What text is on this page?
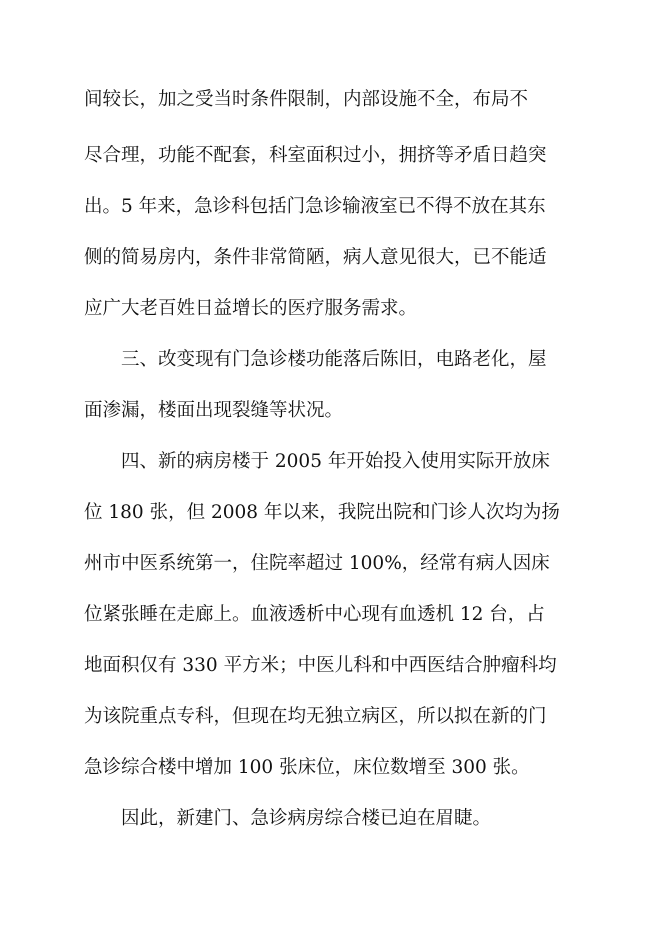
间较长，加之受当时条件限制，内部设施不全，布局不
尽合理，功能不配套，科室面积过小，拥挤等矛盾日趋突
出。5 年来，急诊科包括门急诊输液室已不得不放在其东
侧的简易房内，条件非常简陋，病人意见很大，已不能适
应广大老百姓日益增长的医疗服务需求。
三、改变现有门急诊楼功能落后陈旧，电路老化，屋
面渗漏，楼面出现裂缝等状况。
四、新的病房楼于 2005 年开始投入使用实际开放床
位 180 张，但 2008 年以来，我院出院和门诊人次均为扬
州市中医系统第一，住院率超过 100%，经常有病人因床
位紧张睡在走廊上。血液透析中心现有血透机 12 台，占
地面积仅有 330 平方米；中医儿科和中西医结合肿瘤科均
为该院重点专科，但现在均无独立病区，所以拟在新的门
急诊综合楼中增加 100 张床位，床位数增至 300 张。
因此，新建门、急诊病房综合楼已迫在眉睫。
